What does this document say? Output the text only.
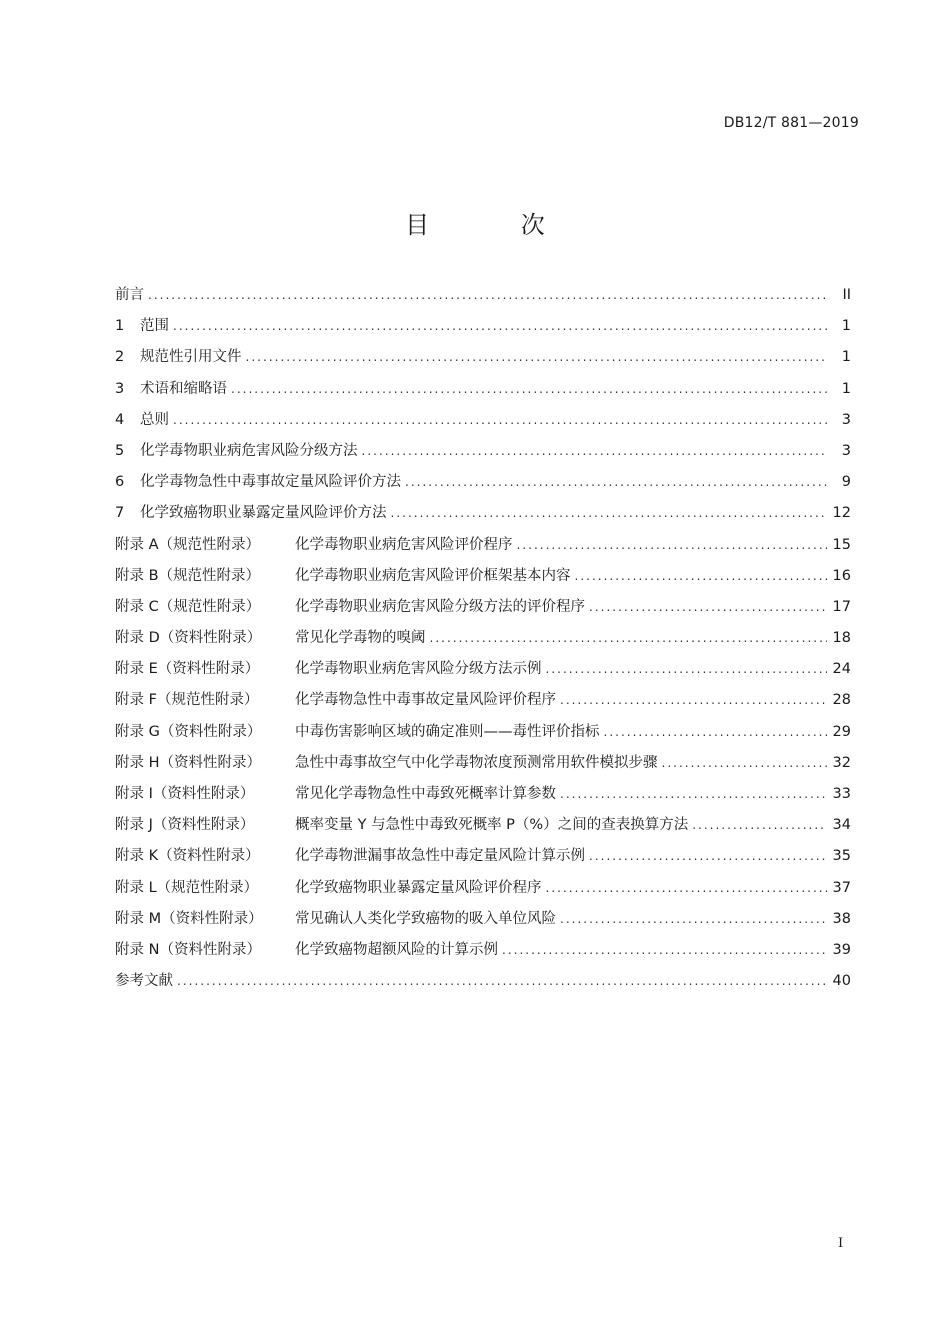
DB12/T 881—2019
目 次
前言 .....	II
1	范围 .....	1
2	规范性引用文件 .....	1
3	术语和缩略语 .....	1
4	总则 .....	3
5	化学毒物职业病危害风险分级方法 .....	3
6	化学毒物急性中毒事故定量风险评价方法 .....	9
7	化学致癌物职业暴露定量风险评价方法 .....	12
附录 A（规范性附录）	化学毒物职业病危害风险评价程序 .....	15
附录 B（规范性附录）	化学毒物职业病危害风险评价框架基本内容 .....	16
附录 C（规范性附录）	化学毒物职业病危害风险分级方法的评价程序 .....	17
附录 D（资料性附录）	常见化学毒物的嗅阈 .....	18
附录 E（资料性附录）	化学毒物职业病危害风险分级方法示例 .....	24
附录 F（规范性附录）	化学毒物急性中毒事故定量风险评价程序 .....	28
附录 G（资料性附录）	中毒伤害影响区域的确定准则——毒性评价指标 .....	29
附录 H（资料性附录）	急性中毒事故空气中化学毒物浓度预测常用软件模拟步骤 .....	32
附录 I（资料性附录）	常见化学毒物急性中毒致死概率计算参数 .....	33
附录 J（资料性附录）	概率变量 Y 与急性中毒致死概率 P（%）之间的查表换算方法 .....	34
附录 K（资料性附录）	化学毒物泄漏事故急性中毒定量风险计算示例 .....	35
附录 L（规范性附录）	化学致癌物职业暴露定量风险评价程序 .....	37
附录 M（资料性附录）	常见确认人类化学致癌物的吸入单位风险 .....	38
附录 N（资料性附录）	化学致癌物超额风险的计算示例 .....	39
参考文献 .....	40
I
